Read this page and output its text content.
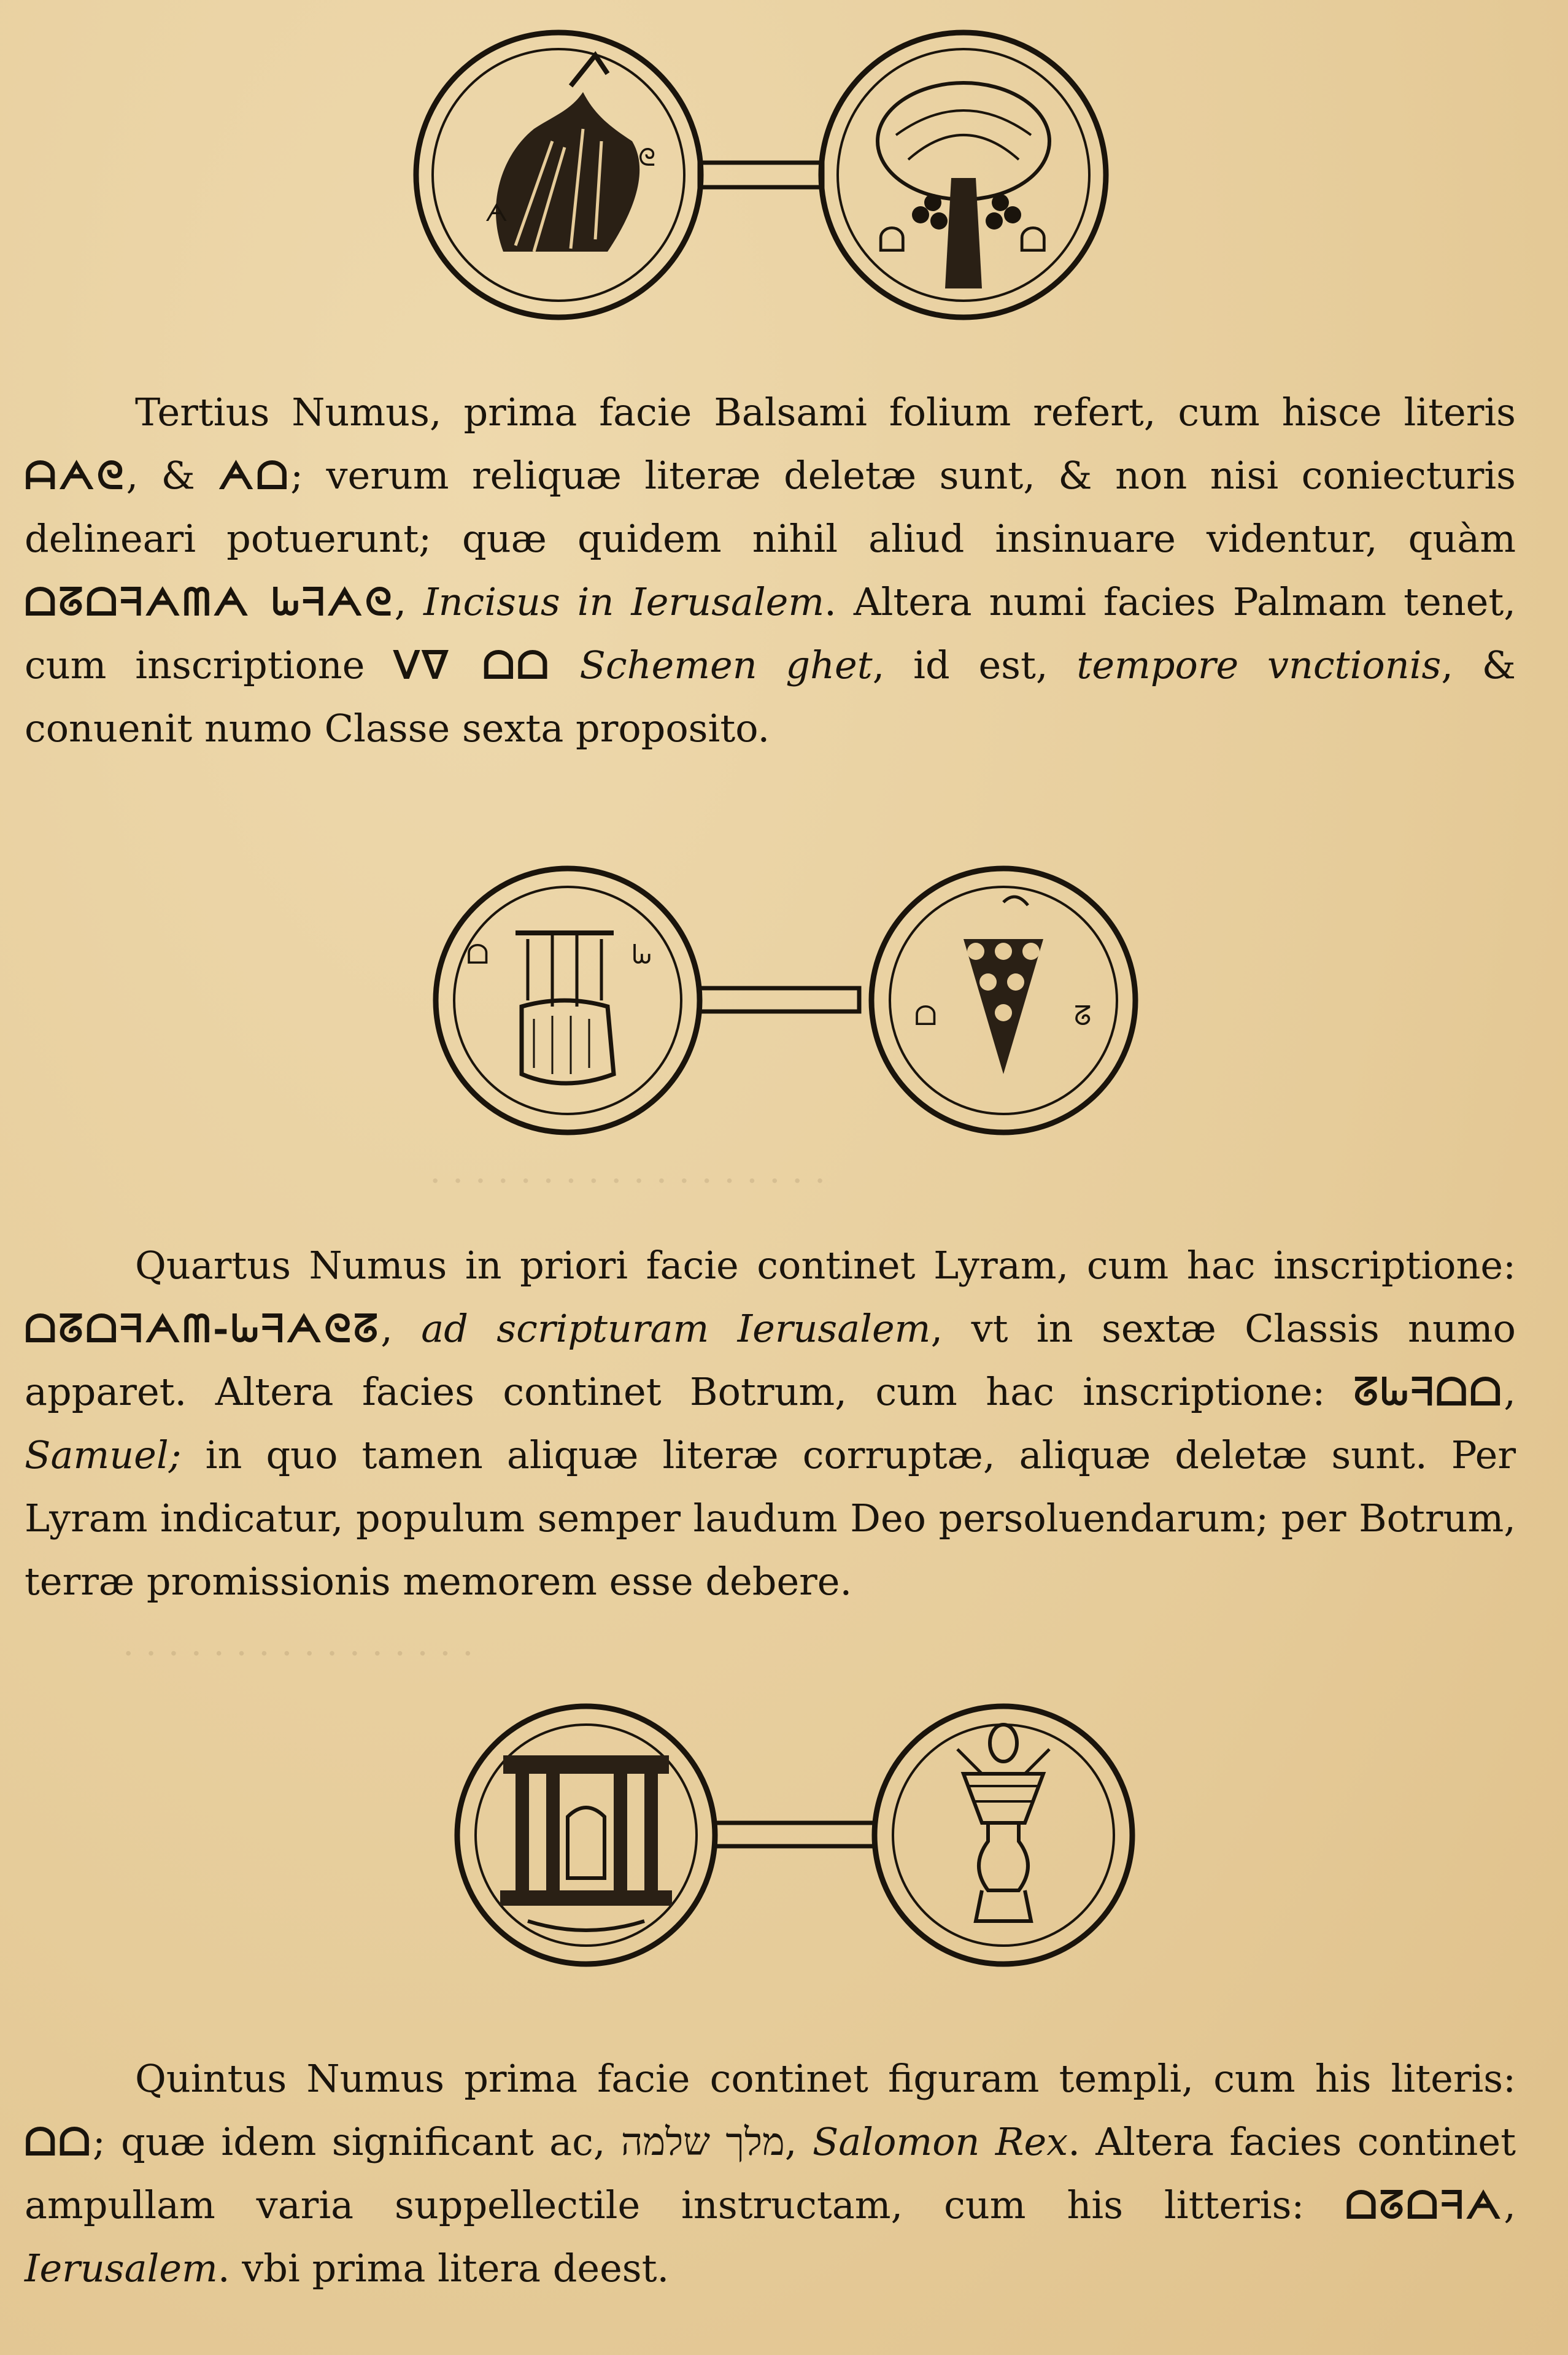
· · · · · · · · · · · · · · · · · ·
· · · · · · · · · · · · · · · ·
ᗅ
ᘓ
ᗝ	ᗝ
Tertius Numus, prima facie Balsami folium refert, cum hisce literis ᗩᗅᘓ, & ᗅᗝ; verum reliquæ literæ deletæ sunt, & non nisi coniecturis delineari potuerunt; quæ quidem nihil aliud insinuare videntur, quàm ᗝᘔᗝᖷᗅᗰᗅ ᘈᖷᗅᘓ, Incisus in Ierusalem. Altera numi facies Palmam tenet, cum inscriptione ᐯᐁ ᗝᗝ Schemen ghet, id est, tempore vnctionis, & conuenit numo Classe sexta proposito.
ᗝ	ᘈ
ᗝ	ᘔ
Quartus Numus in priori facie continet Lyram, cum hac inscriptione: ᗝᘔᗝᖷᗅᗰ-ᘈᖷᗅᘓᘔ, ad scripturam Ierusalem, vt in sextæ Classis numo apparet. Altera facies continet Botrum, cum hac inscriptione: ᘔᘈᖷᗝᗝ, Samuel; in quo tamen aliquæ literæ corruptæ, aliquæ deletæ sunt. Per Lyram indicatur, populum semper laudum Deo persoluendarum; per Botrum, terræ promissionis memorem esse debere.
Quintus Numus prima facie continet figuram templi, cum his literis: ᗝᗝ; quæ idem significant ac, מלך שלמה, Salomon Rex. Altera facies continet ampullam varia suppellectile instructam, cum his litteris: ᗝᘔᗝᖷᗅ, Ierusalem. vbi prima litera deest.
